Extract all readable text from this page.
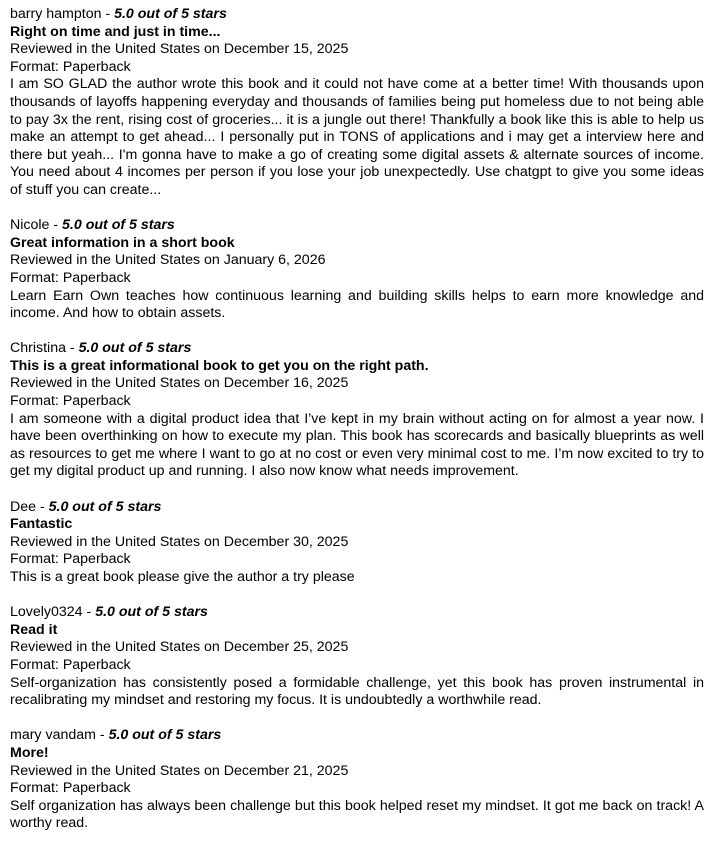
barry hampton - 5.0 out of 5 stars
Right on time and just in time...
Reviewed in the United States on December 15, 2025
Format: Paperback
I am SO GLAD the author wrote this book and it could not have come at a better time! With thousands upon thousands of layoffs happening everyday and thousands of families being put homeless due to not being able to pay 3x the rent, rising cost of groceries... it is a jungle out there! Thankfully a book like this is able to help us make an attempt to get ahead... I personally put in TONS of applications and i may get a interview here and there but yeah... I'm gonna have to make a go of creating some digital assets & alternate sources of income. You need about 4 incomes per person if you lose your job unexpectedly. Use chatgpt to give you some ideas of stuff you can create...
Nicole - 5.0 out of 5 stars
Great information in a short book
Reviewed in the United States on January 6, 2026
Format: Paperback
Learn Earn Own teaches how continuous learning and building skills helps to earn more knowledge and income. And how to obtain assets.
Christina - 5.0 out of 5 stars
This is a great informational book to get you on the right path.
Reviewed in the United States on December 16, 2025
Format: Paperback
I am someone with a digital product idea that I’ve kept in my brain without acting on for almost a year now. I have been overthinking on how to execute my plan. This book has scorecards and basically blueprints as well as resources to get me where I want to go at no cost or even very minimal cost to me. I’m now excited to try to get my digital product up and running. I also now know what needs improvement.
Dee - 5.0 out of 5 stars
Fantastic
Reviewed in the United States on December 30, 2025
Format: Paperback
This is a great book please give the author a try please
Lovely0324 - 5.0 out of 5 stars
Read it
Reviewed in the United States on December 25, 2025
Format: Paperback
Self-organization has consistently posed a formidable challenge, yet this book has proven instrumental in recalibrating my mindset and restoring my focus. It is undoubtedly a worthwhile read.
mary vandam - 5.0 out of 5 stars
More!
Reviewed in the United States on December 21, 2025
Format: Paperback
Self organization has always been challenge but this book helped reset my mindset. It got me back on track! A worthy read.
